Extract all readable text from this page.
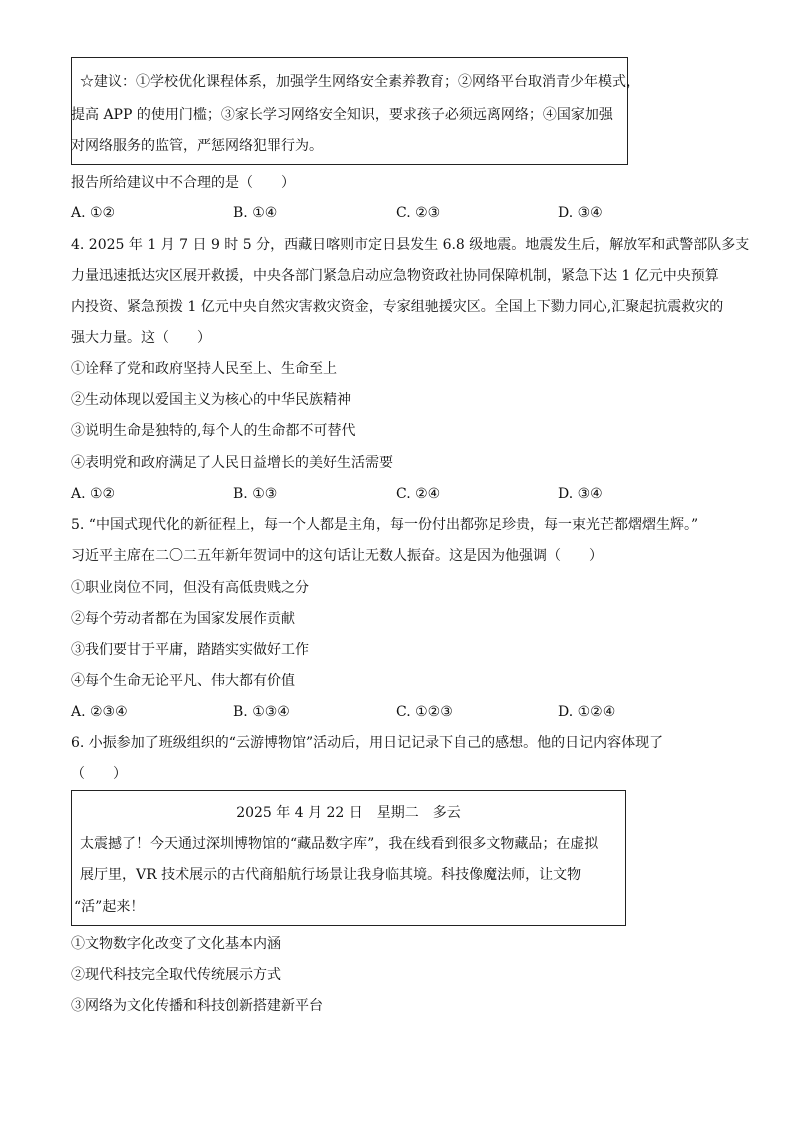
☆建议：①学校优化课程体系，加强学生网络安全素养教育；②网络平台取消青少年模式，
提高 APP 的使用门槛；③家长学习网络安全知识，要求孩子必须远离网络；④国家加强
对网络服务的监管，严惩网络犯罪行为。
报告所给建议中不合理的是（　　）
A. ①②	B. ①④	C. ②③	D. ③④
4. 2025 年 1 月 7 日 9 时 5 分，西藏日喀则市定日县发生 6.8 级地震。地震发生后，解放军和武警部队多支
力量迅速抵达灾区展开救援，中央各部门紧急启动应急物资政社协同保障机制，紧急下达 1 亿元中央预算
内投资、紧急预拨 1 亿元中央自然灾害救灾资金，专家组驰援灾区。全国上下勠力同心,汇聚起抗震救灾的
强大力量。这（　　）
①诠释了党和政府坚持人民至上、生命至上
②生动体现以爱国主义为核心的中华民族精神
③说明生命是独特的,每个人的生命都不可替代
④表明党和政府满足了人民日益增长的美好生活需要
A. ①②	B. ①③	C. ②④	D. ③④
5. “中国式现代化的新征程上，每一个人都是主角，每一份付出都弥足珍贵，每一束光芒都熠熠生辉。”
习近平主席在二〇二五年新年贺词中的这句话让无数人振奋。这是因为他强调（　　）
①职业岗位不同，但没有高低贵贱之分
②每个劳动者都在为国家发展作贡献
③我们要甘于平庸，踏踏实实做好工作
④每个生命无论平凡、伟大都有价值
A. ②③④	B. ①③④	C. ①②③	D. ①②④
6. 小振参加了班级组织的“云游博物馆”活动后，用日记记录下自己的感想。他的日记内容体现了
（　　）
2025 年 4 月 22 日　星期二　多云
太震撼了！今天通过深圳博物馆的“藏品数字库”，我在线看到很多文物藏品；在虚拟
展厅里，VR 技术展示的古代商船航行场景让我身临其境。科技像魔法师，让文物
“活”起来！
①文物数字化改变了文化基本内涵
②现代科技完全取代传统展示方式
③网络为文化传播和科技创新搭建新平台
